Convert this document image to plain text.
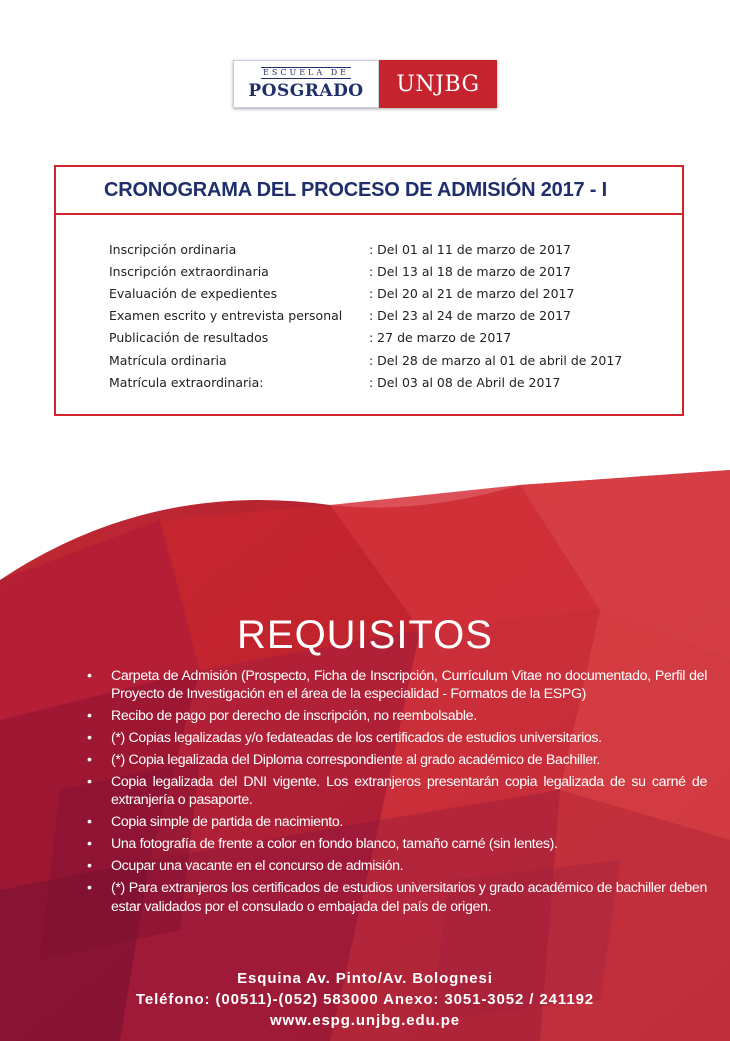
ESCUELA DE
POSGRADO	UNJBG
CRONOGRAMA DEL PROCESO DE ADMISIÓN 2017 - I
Inscripción ordinaria	: Del 01 al 11 de marzo de 2017
Inscripción extraordinaria	: Del 13 al 18 de marzo de 2017
Evaluación de expedientes	: Del 20 al 21 de marzo del 2017
Examen escrito y entrevista personal	: Del 23 al 24 de marzo de 2017
Publicación de resultados	: 27 de marzo de 2017
Matrícula ordinaria	: Del 28 de marzo al 01 de abril de 2017
Matrícula extraordinaria:	: Del 03 al 08 de Abril de 2017
REQUISITOS
• Carpeta de Admisión (Prospecto, Ficha de Inscripción, Currículum Vitae no documentado, Perfil del Proyecto de Investigación en el área de la especialidad - Formatos de la ESPG)
• Recibo de pago por derecho de inscripción, no reembolsable.
• (*) Copias legalizadas y/o fedateadas de los certificados de estudios universitarios.
• (*) Copia legalizada del Diploma correspondiente al grado académico de Bachiller.
• Copia legalizada del DNI vigente. Los extranjeros presentarán copia legalizada de su carné de extranjería o pasaporte.
• Copia simple de partida de nacimiento.
• Una fotografía de frente a color en fondo blanco, tamaño carné (sin lentes).
• Ocupar una vacante en el concurso de admisión.
• (*) Para extranjeros los certificados de estudios universitarios y grado académico de bachiller deben estar validados por el consulado o embajada del país de origen.
Esquina Av. Pinto/Av. Bolognesi
Teléfono: (00511)-(052) 583000 Anexo: 3051-3052 / 241192
www.espg.unjbg.edu.pe
